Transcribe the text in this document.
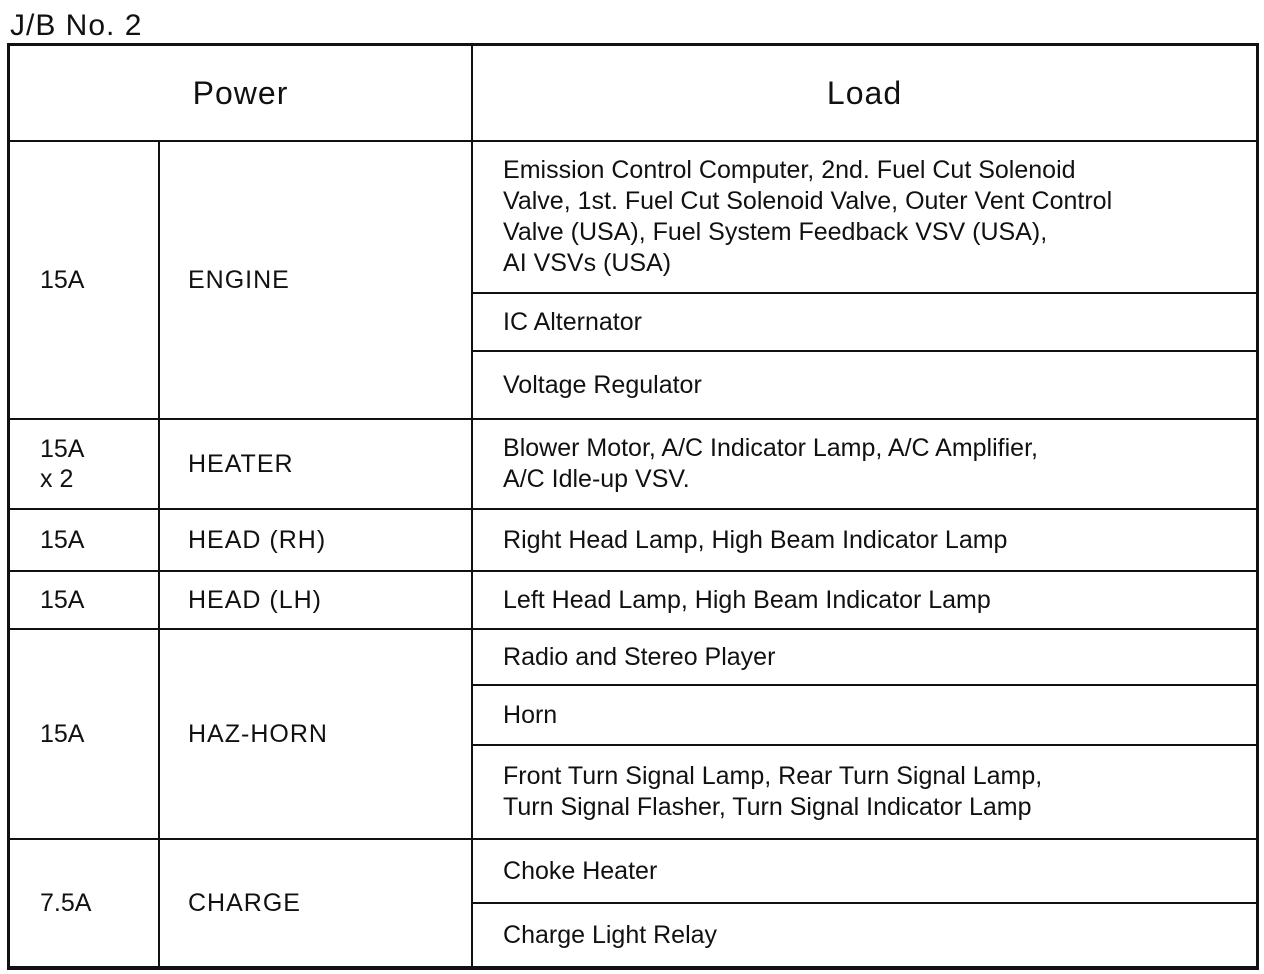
J/B No. 2
Power		Load

15A	ENGINE	Emission Control Computer, 2nd. Fuel Cut Solenoid
Valve, 1st. Fuel Cut Solenoid Valve, Outer Vent Control
Valve (USA), Fuel System Feedback VSV (USA),
AI VSVs (USA)

		IC Alternator

		Voltage Regulator

15A
x 2	HEATER	Blower Motor, A/C Indicator Lamp, A/C Amplifier,
A/C Idle-up VSV.

15A	HEAD (RH)	Right Head Lamp, High Beam Indicator Lamp

15A	HEAD (LH)	Left Head Lamp, High Beam Indicator Lamp

15A	HAZ-HORN	Radio and Stereo Player

		Horn

		Front Turn Signal Lamp, Rear Turn Signal Lamp,
Turn Signal Flasher, Turn Signal Indicator Lamp

7.5A	CHARGE	Choke Heater

		Charge Light Relay
